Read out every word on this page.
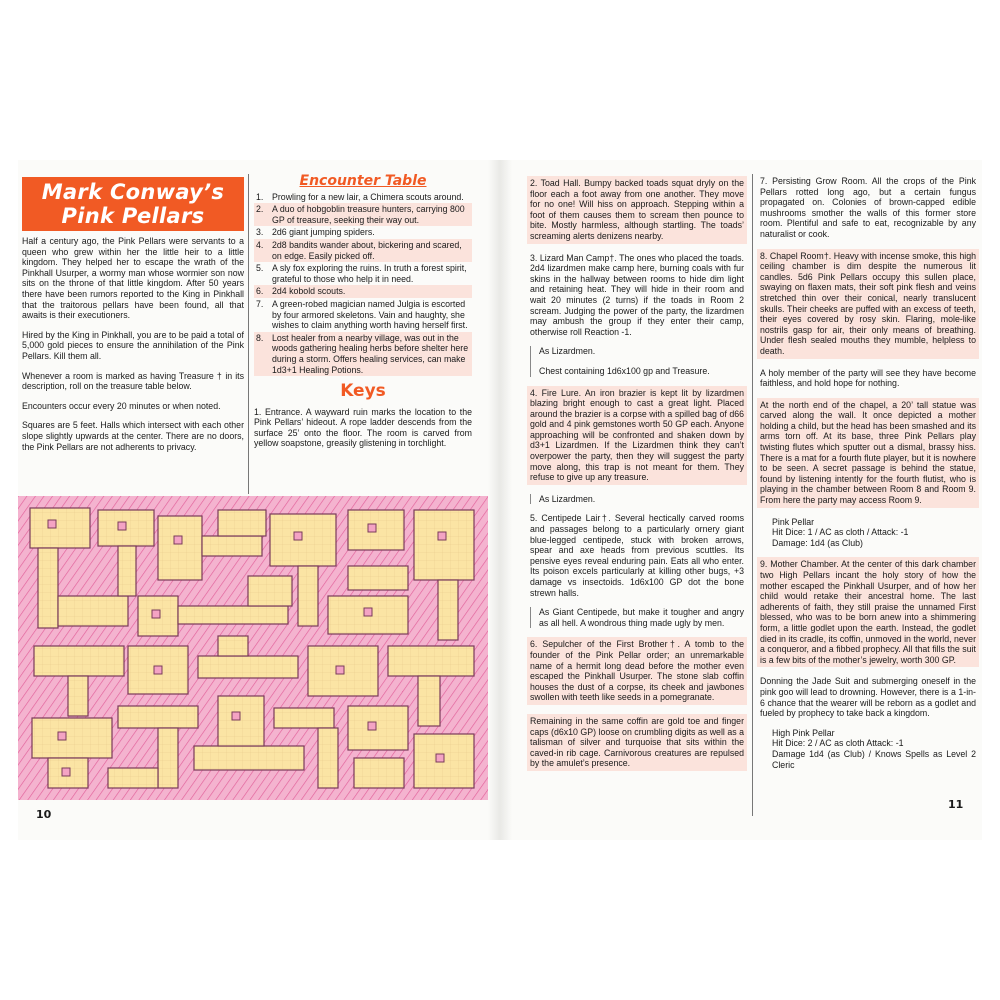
Mark Conway’s
Pink Pellars

Half a century ago, the Pink Pellars were servants to a queen who grew within her the little heir to a little kingdom. They helped her to escape the wrath of the Pinkhall Usurper, a wormy man whose wormier son now sits on the throne of that little kingdom. After 50 years there have been rumors reported to the King in Pinkhall that the traitorous pellars have been found, all that awaits is their executioners.

Hired by the King in Pinkhall, you are to be paid a total of 5,000 gold pieces to ensure the annihilation of the Pink Pellars. Kill them all.

Whenever a room is marked as having Treasure † in its description, roll on the treasure table below.

Encounters occur every 20 minutes or when noted.

Squares are 5 feet. Halls which intersect with each other slope slightly upwards at the center. There are no doors, the Pink Pellars are not adherents to privacy.

Encounter Table
1. Prowling for a new lair, a Chimera scouts around.
2. A duo of hobgoblin treasure hunters, carrying 800 GP of treasure, seeking their way out.
3. 2d6 giant jumping spiders.
4. 2d8 bandits wander about, bickering and scared, on edge. Easily picked off.
5. A sly fox exploring the ruins. In truth a forest spirit, grateful to those who help it in need.
6. 2d4 kobold scouts.
7. A green-robed magician named Julgia is escorted by four armored skeletons. Vain and haughty, she wishes to claim anything worth having herself first.
8. Lost healer from a nearby village, was out in the woods gathering healing herbs before shelter here during a storm. Offers healing services, can make 1d3+1 Healing Potions.
Keys

1. Entrance. A wayward ruin marks the location to the Pink Pellars’ hideout. A rope ladder descends from the surface 25’ onto the floor. The room is carved from yellow soapstone, greasily glistening in torchlight.

10

2. Toad Hall. Bumpy backed toads squat dryly on the floor each a foot away from one another. They move for no one! Will hiss on approach. Stepping within a foot of them causes them to scream then pounce to bite. Mostly harmless, although startling. The toads’ screaming alerts denizens nearby.

3. Lizard Man Camp†. The ones who placed the toads. 2d4 lizardmen make camp here, burning coals with fur skins in the hallway between rooms to hide dim light and retaining heat. They will hide in their room and wait 20 minutes (2 turns) if the toads in Room 2 scream. Judging the power of the party, the lizardmen may ambush the group if they enter their camp, otherwise roll Reaction -1.

As Lizardmen.

Chest containing 1d6x100 gp and Treasure.

4. Fire Lure. An iron brazier is kept lit by lizardmen blazing bright enough to cast a great light. Placed around the brazier is a corpse with a spilled bag of d66 gold and 4 pink gemstones worth 50 GP each. Anyone approaching will be confronted and shaken down by d3+1 Lizardmen. If the Lizardmen think they can’t overpower the party, then they will suggest the party move along, this trap is not meant for them. They refuse to give up any treasure.

As Lizardmen.

5. Centipede Lair†. Several hectically carved rooms and passages belong to a particularly ornery giant blue-legged centipede, stuck with broken arrows, spear and axe heads from previous scuttles. Its pensive eyes reveal enduring pain. Eats all who enter. Its poison excels particularly at killing other bugs, +3 damage vs insectoids. 1d6x100 GP dot the bone strewn halls.

As Giant Centipede, but make it tougher and angry as all hell. A wondrous thing made ugly by men.

6. Sepulcher of the First Brother†. A tomb to the founder of the Pink Pellar order; an unremarkable name of a hermit long dead before the mother even escaped the Pinkhall Usurper. The stone slab coffin houses the dust of a corpse, its cheek and jawbones swollen with teeth like seeds in a pomegranate.

Remaining in the same coffin are gold toe and finger caps (d6x10 GP) loose on crumbling digits as well as a talisman of silver and turquoise that sits within the caved-in rib cage. Carnivorous creatures are repulsed by the amulet’s presence.

7. Persisting Grow Room. All the crops of the Pink Pellars rotted long ago, but a certain fungus propagated on. Colonies of brown-capped edible mushrooms smother the walls of this former store room. Plentiful and safe to eat, recognizable by any naturalist or cook.

8. Chapel Room†. Heavy with incense smoke, this high ceiling chamber is dim despite the numerous lit candles. 5d6 Pink Pellars occupy this sullen place, swaying on flaxen mats, their soft pink flesh and veins stretched thin over their conical, nearly translucent skulls. Their cheeks are puffed with an excess of teeth, their eyes covered by rosy skin. Flaring, mole-like nostrils gasp for air, their only means of breathing. Under flesh sealed mouths they mumble, helpless to death.

A holy member of the party will see they have become faithless, and hold hope for nothing.

At the north end of the chapel, a 20’ tall statue was carved along the wall. It once depicted a mother holding a child, but the head has been smashed and its arms torn off. At its base, three Pink Pellars play twisting flutes which sputter out a dismal, brassy hiss. There is a mat for a fourth flute player, but it is nowhere to be seen. A secret passage is behind the statue, found by listening intently for the fourth flutist, who is playing in the chamber between Room 8 and Room 9. From here the party may access Room 9.

Pink Pellar
Hit Dice: 1 / AC as cloth / Attack: -1
Damage: 1d4 (as Club)

9. Mother Chamber. At the center of this dark chamber two High Pellars incant the holy story of how the mother escaped the Pinkhall Usurper, and of how her child would retake their ancestral home. The last adherents of faith, they still praise the unnamed First blessed, who was to be born anew into a shimmering form, a little godlet upon the earth. Instead, the godlet died in its cradle, its coffin, unmoved in the world, never a conqueror, and a fibbed prophecy. All that fills the suit is a few bits of the mother’s jewelry, worth 300 GP.

Donning the Jade Suit and submerging oneself in the pink goo will lead to drowning. However, there is a 1-in-6 chance that the wearer will be reborn as a godlet and fueled by prophecy to take back a kingdom.

High Pink Pellar
Hit Dice: 2 / AC as cloth Attack: -1
Damage 1d4 (as Club) / Knows Spells as Level 2 Cleric
11
